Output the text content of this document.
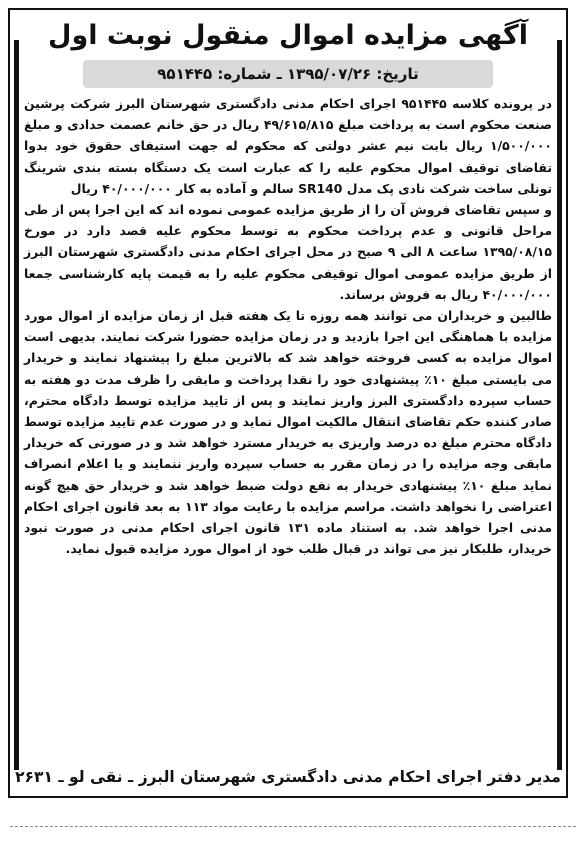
آگهی مزایده اموال منقول نوبت اول
تاریخ: ۱۳۹۵/۰۷/۲۶ ـ شماره: ۹۵۱۴۴۵

در پرونده کلاسه ۹۵۱۴۴۵ اجرای احکام مدنی دادگستری شهرستان البرز شرکت پرشین صنعت محکوم است به پرداخت مبلغ ۴۹/۶۱۵/۸۱۵ ریال در حق خانم عصمت حدادی و مبلغ ۱/۵۰۰/۰۰۰ ریال بابت نیم عشر دولتی که محکوم له جهت استیفای حقوق خود بدوا تقاضای توقیف اموال محکوم علیه را که عبارت است یک دستگاه بسته بندی شرینگ تونلی ساخت شرکت نادی پک مدل SR140 سالم و آماده به کار ۴۰/۰۰۰/۰۰۰ ریال

و سپس تقاضای فروش آن را از طریق مزایده عمومی نموده اند که این اجرا پس از طی مراحل قانونی و عدم پرداخت محکوم به توسط محکوم علیه قصد دارد در مورخ ۱۳۹۵/۰۸/۱۵ ساعت ۸ الی ۹ صبح در محل اجرای احکام مدنی دادگستری شهرستان البرز از طریق مزایده عمومی اموال توقیفی محکوم علیه را به قیمت پایه کارشناسی جمعا ۴۰/۰۰۰/۰۰۰ ریال به فروش برساند.

طالبین و خریداران می توانند همه روزه تا یک هفته قبل از زمان مزایده از اموال مورد مزایده با هماهنگی این اجرا بازدید و در زمان مزایده حضورا شرکت نمایند. بدیهی است اموال مزایده به کسی فروخته خواهد شد که بالاترین مبلغ را پیشنهاد نمایند و خریدار می بایستی مبلغ ۱۰٪ پیشنهادی خود را نقدا پرداخت و مابقی را ظرف مدت دو هفته به حساب سپرده دادگستری البرز واریز نمایند و پس از تایید مزایده توسط دادگاه محترم، صادر کننده حکم تقاضای انتقال مالکیت اموال نماید و در صورت عدم تایید مزایده توسط دادگاه محترم مبلغ ده درصد واریزی به خریدار مسترد خواهد شد و در صورتی که خریدار مابقی وجه مزایده را در زمان مقرر به حساب سپرده واریز ننمایند و یا اعلام انصراف نماید مبلغ ۱۰٪ پیشنهادی خریدار به نفع دولت ضبط خواهد شد و خریدار حق هیچ گونه اعتراضی را نخواهد داشت. مراسم مزایده با رعایت مواد ۱۱۳ به بعد قانون اجرای احکام مدنی اجرا خواهد شد. به استناد ماده ۱۳۱ قانون اجرای احکام مدنی در صورت نبود خریدار، طلبکار نیز می تواند در قبال طلب خود از اموال مورد مزایده قبول نماید.

مدیر دفتر اجرای احکام مدنی دادگستری شهرستان البرز ـ نقی لو ـ ۲۶۳۱
